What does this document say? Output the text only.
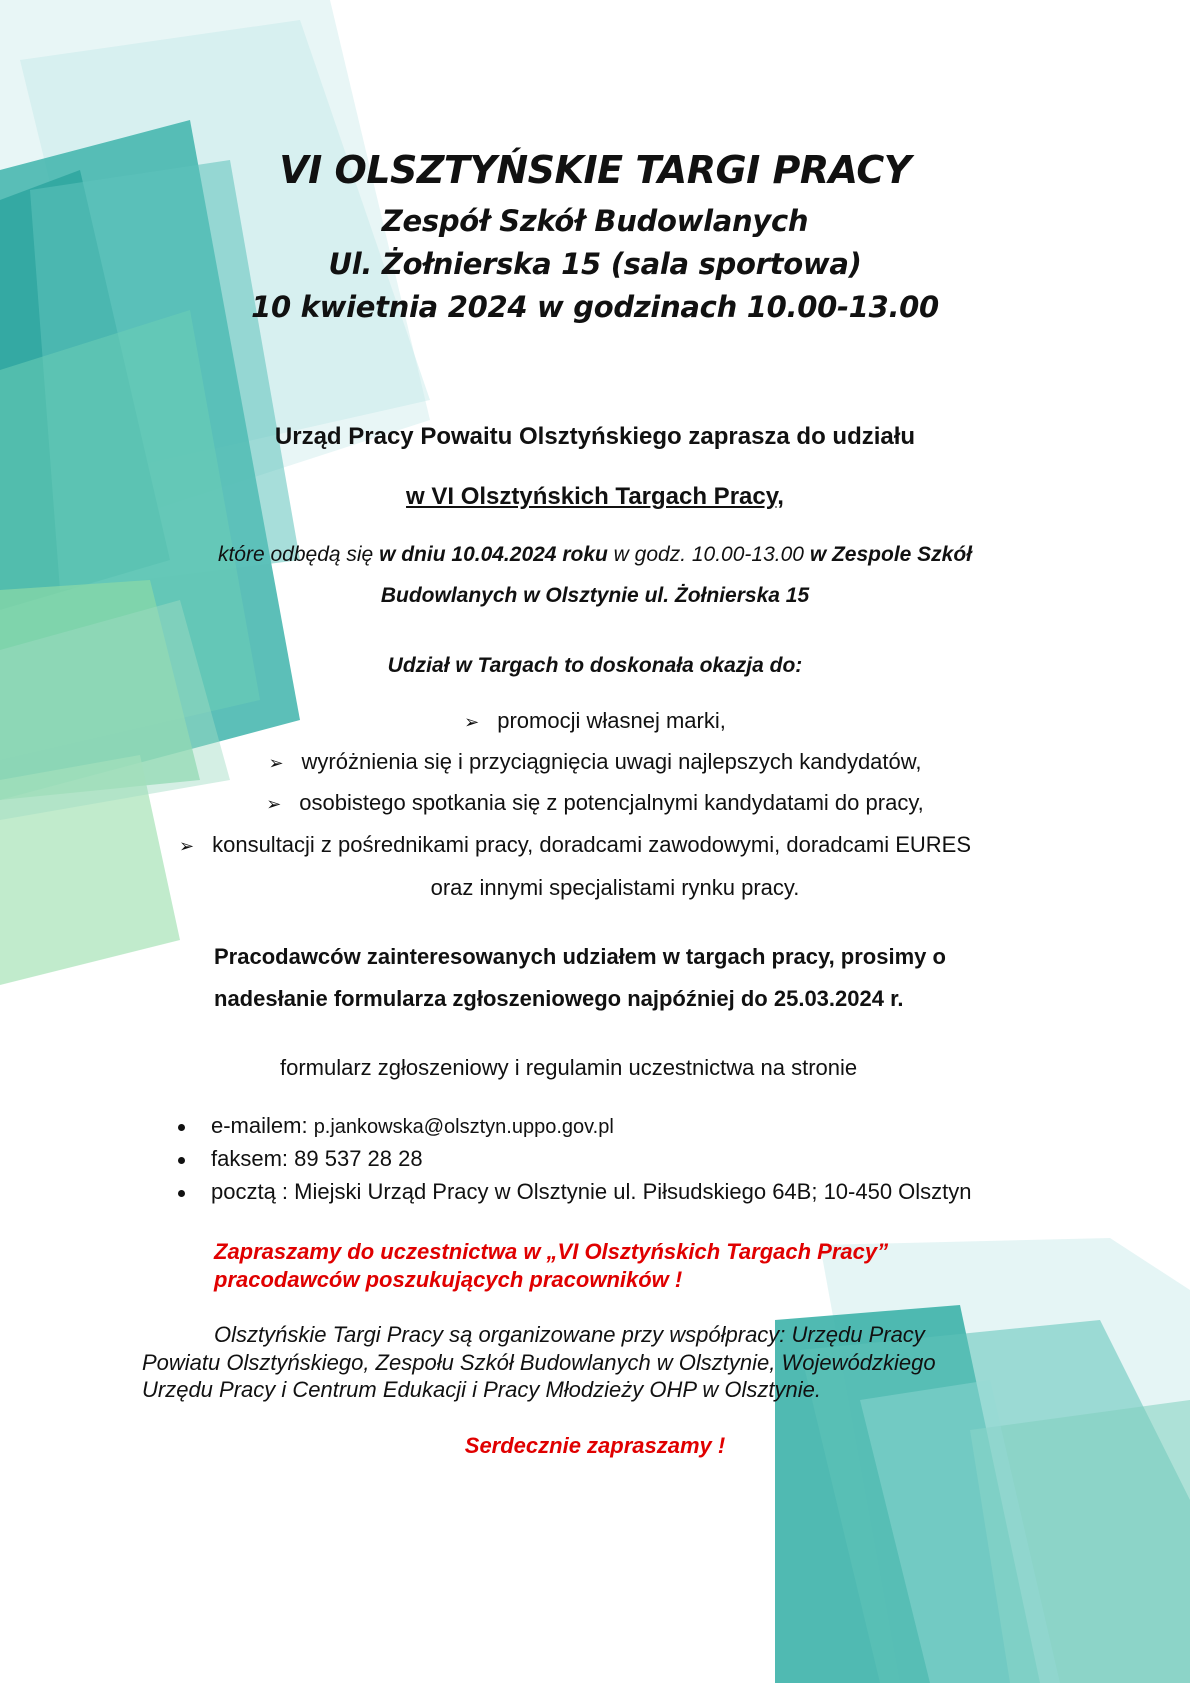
VI OLSZTYŃSKIE TARGI PRACY
Zespół Szkół Budowlanych
Ul. Żołnierska 15 (sala sportowa)
10 kwietnia 2024 w godzinach 10.00-13.00
Urząd Pracy Powaitu Olsztyńskiego zaprasza do udziału
w VI Olsztyńskich Targach Pracy,
które odbędą się w dniu 10.04.2024 roku w godz. 10.00-13.00 w Zespole Szkół
Budowlanych w Olsztynie ul. Żołnierska 15
Udział w Targach to doskonała okazja do:
➢ promocji własnej marki,
➢ wyróżnienia się i przyciągnięcia uwagi najlepszych kandydatów,
➢ osobistego spotkania się z potencjalnymi kandydatami do pracy,
➢ konsultacji z pośrednikami pracy, doradcami zawodowymi, doradcami EURES
oraz innymi specjalistami rynku pracy.
Pracodawców zainteresowanych udziałem w targach pracy, prosimy o
nadesłanie formularza zgłoszeniowego najpóźniej do 25.03.2024 r.
formularz zgłoszeniowy i regulamin uczestnictwa na stronie
e-mailem: p.jankowska@olsztyn.uppo.gov.pl
faksem: 89 537 28 28
pocztą : Miejski Urząd Pracy w Olsztynie ul. Piłsudskiego 64B; 10-450 Olsztyn
Zapraszamy do uczestnictwa w „VI Olsztyńskich Targach Pracy”
pracodawców poszukujących pracowników !
Olsztyńskie Targi Pracy są organizowane przy współpracy: Urzędu Pracy
Powiatu Olsztyńskiego, Zespołu Szkół Budowlanych w Olsztynie, Wojewódzkiego
Urzędu Pracy i Centrum Edukacji i Pracy Młodzieży OHP w Olsztynie.
Serdecznie zapraszamy !
